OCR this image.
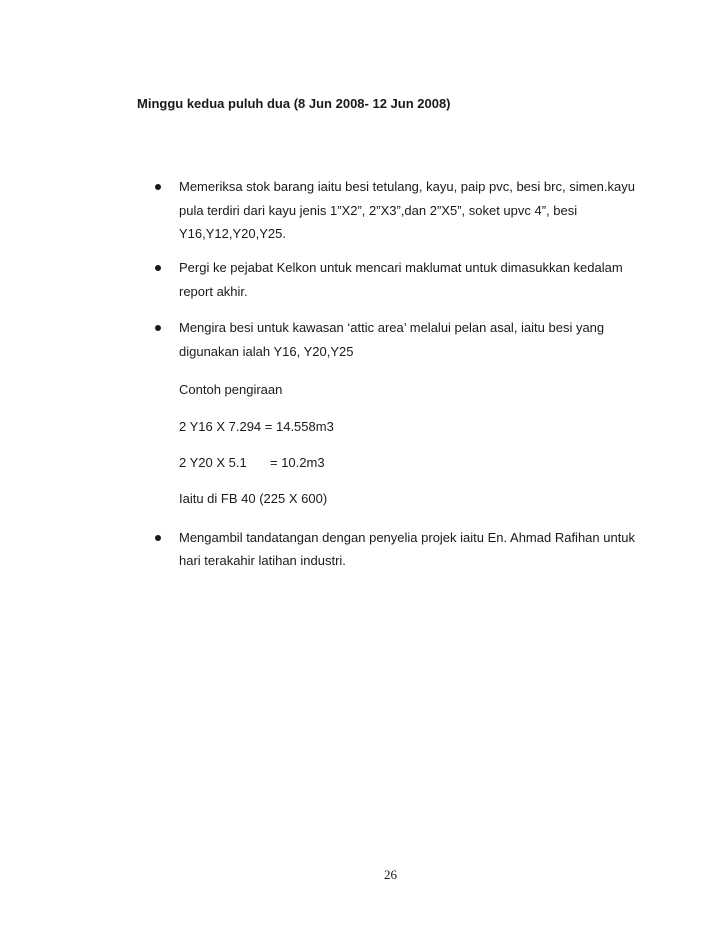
Minggu kedua puluh dua (8 Jun 2008- 12 Jun 2008)
Memeriksa stok barang iaitu besi tetulang, kayu, paip pvc, besi brc, simen.kayu
pula terdiri dari kayu jenis 1”X2”, 2”X3”,dan 2”X5”, soket upvc 4”, besi
Y16,Y12,Y20,Y25.
Pergi ke pejabat Kelkon untuk mencari maklumat untuk dimasukkan kedalam
report akhir.
Mengira besi untuk kawasan ‘attic area’ melalui pelan asal, iaitu besi yang
digunakan ialah Y16, Y20,Y25
Contoh pengiraan
2 Y16 X 7.294 = 14.558m3
2 Y20 X 5.1 = 10.2m3
Iaitu di FB 40 (225 X 600)
Mengambil tandatangan dengan penyelia projek iaitu En. Ahmad Rafihan untuk
hari terakahir latihan industri.
26
